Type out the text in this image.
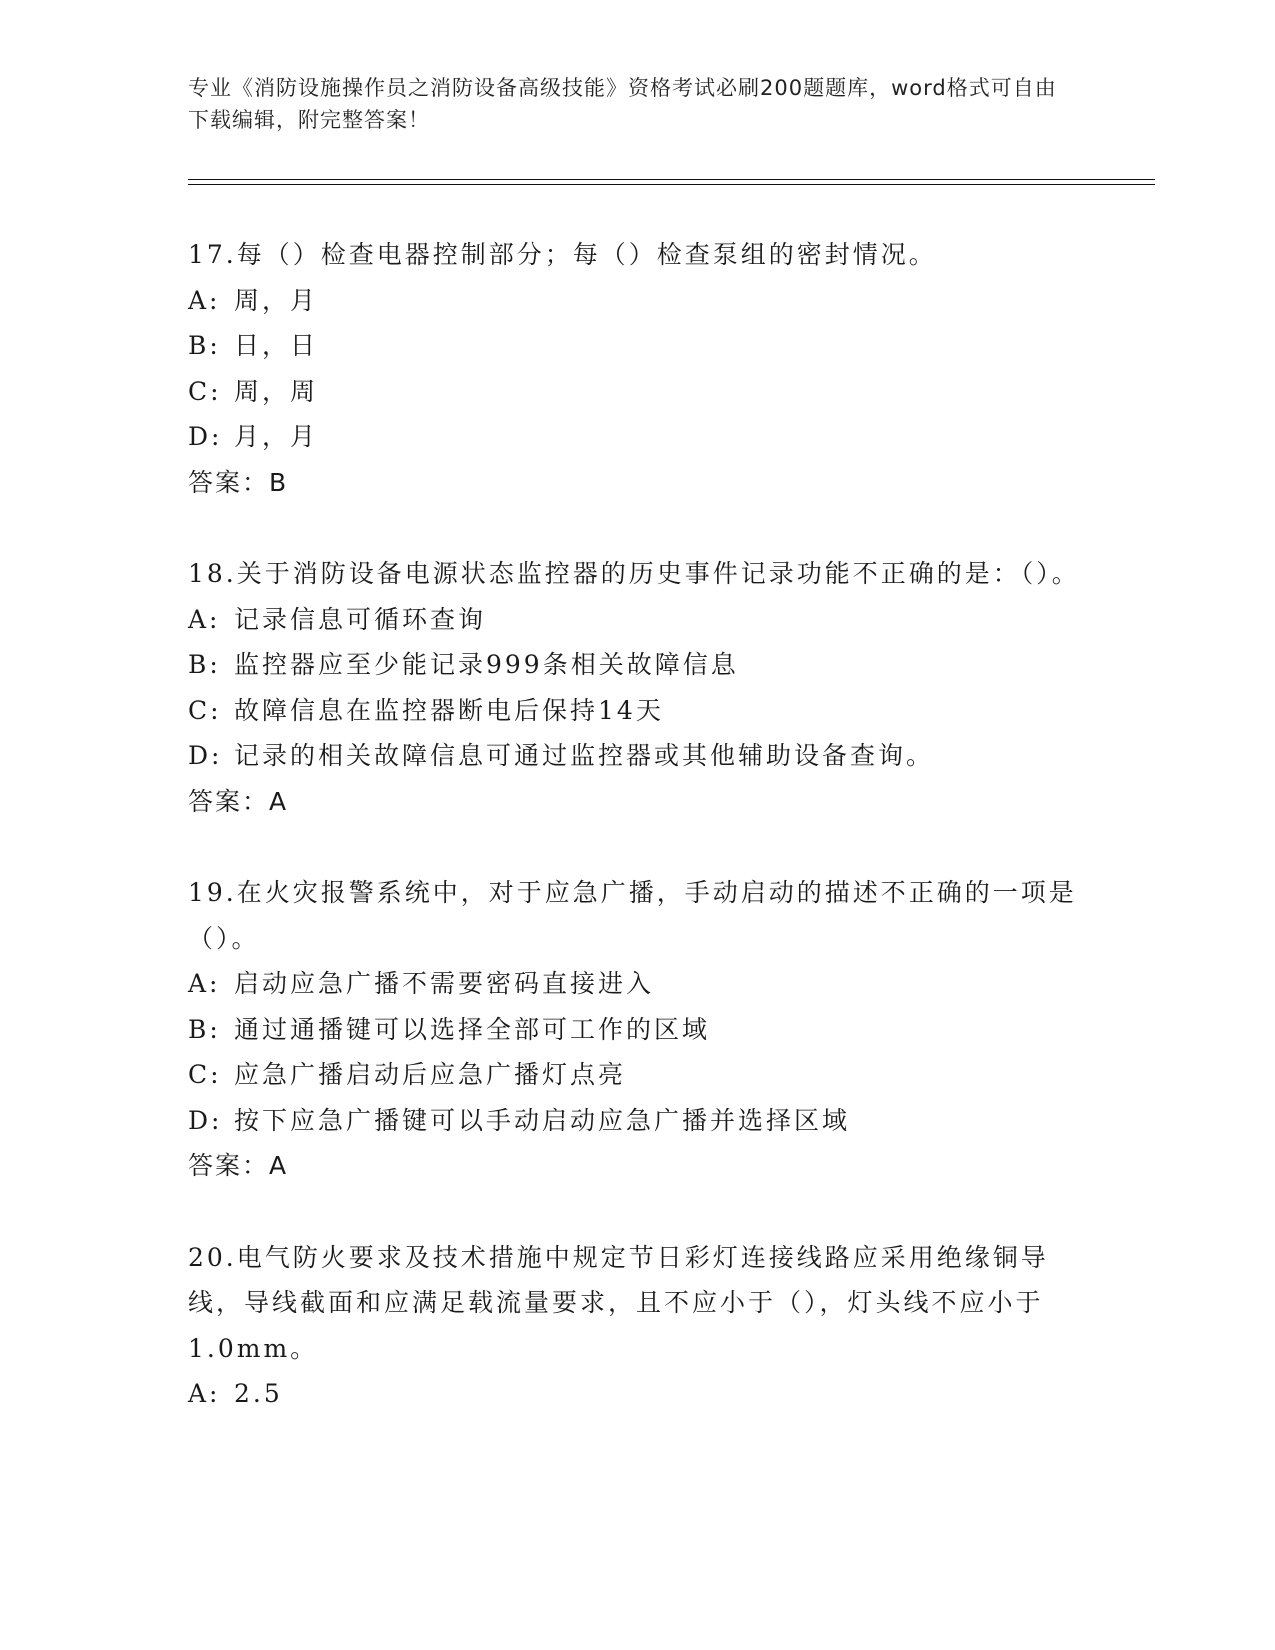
专业《消防设施操作员之消防设备高级技能》资格考试必刷200题题库，word格式可自由下载编辑，附完整答案！
17.每（）检查电器控制部分；每（）检查泵组的密封情况。
A: 周，月
B: 日，日
C: 周，周
D: 月，月
答案：B
18.关于消防设备电源状态监控器的历史事件记录功能不正确的是：（）。
A: 记录信息可循环查询
B: 监控器应至少能记录999条相关故障信息
C: 故障信息在监控器断电后保持14天
D: 记录的相关故障信息可通过监控器或其他辅助设备查询。
答案：A
19.在火灾报警系统中，对于应急广播，手动启动的描述不正确的一项是（）。
A: 启动应急广播不需要密码直接进入
B: 通过通播键可以选择全部可工作的区域
C: 应急广播启动后应急广播灯点亮
D: 按下应急广播键可以手动启动应急广播并选择区域
答案：A
20.电气防火要求及技术措施中规定节日彩灯连接线路应采用绝缘铜导线，导线截面和应满足载流量要求，且不应小于（），灯头线不应小于1.0mm。
A: 2.5
